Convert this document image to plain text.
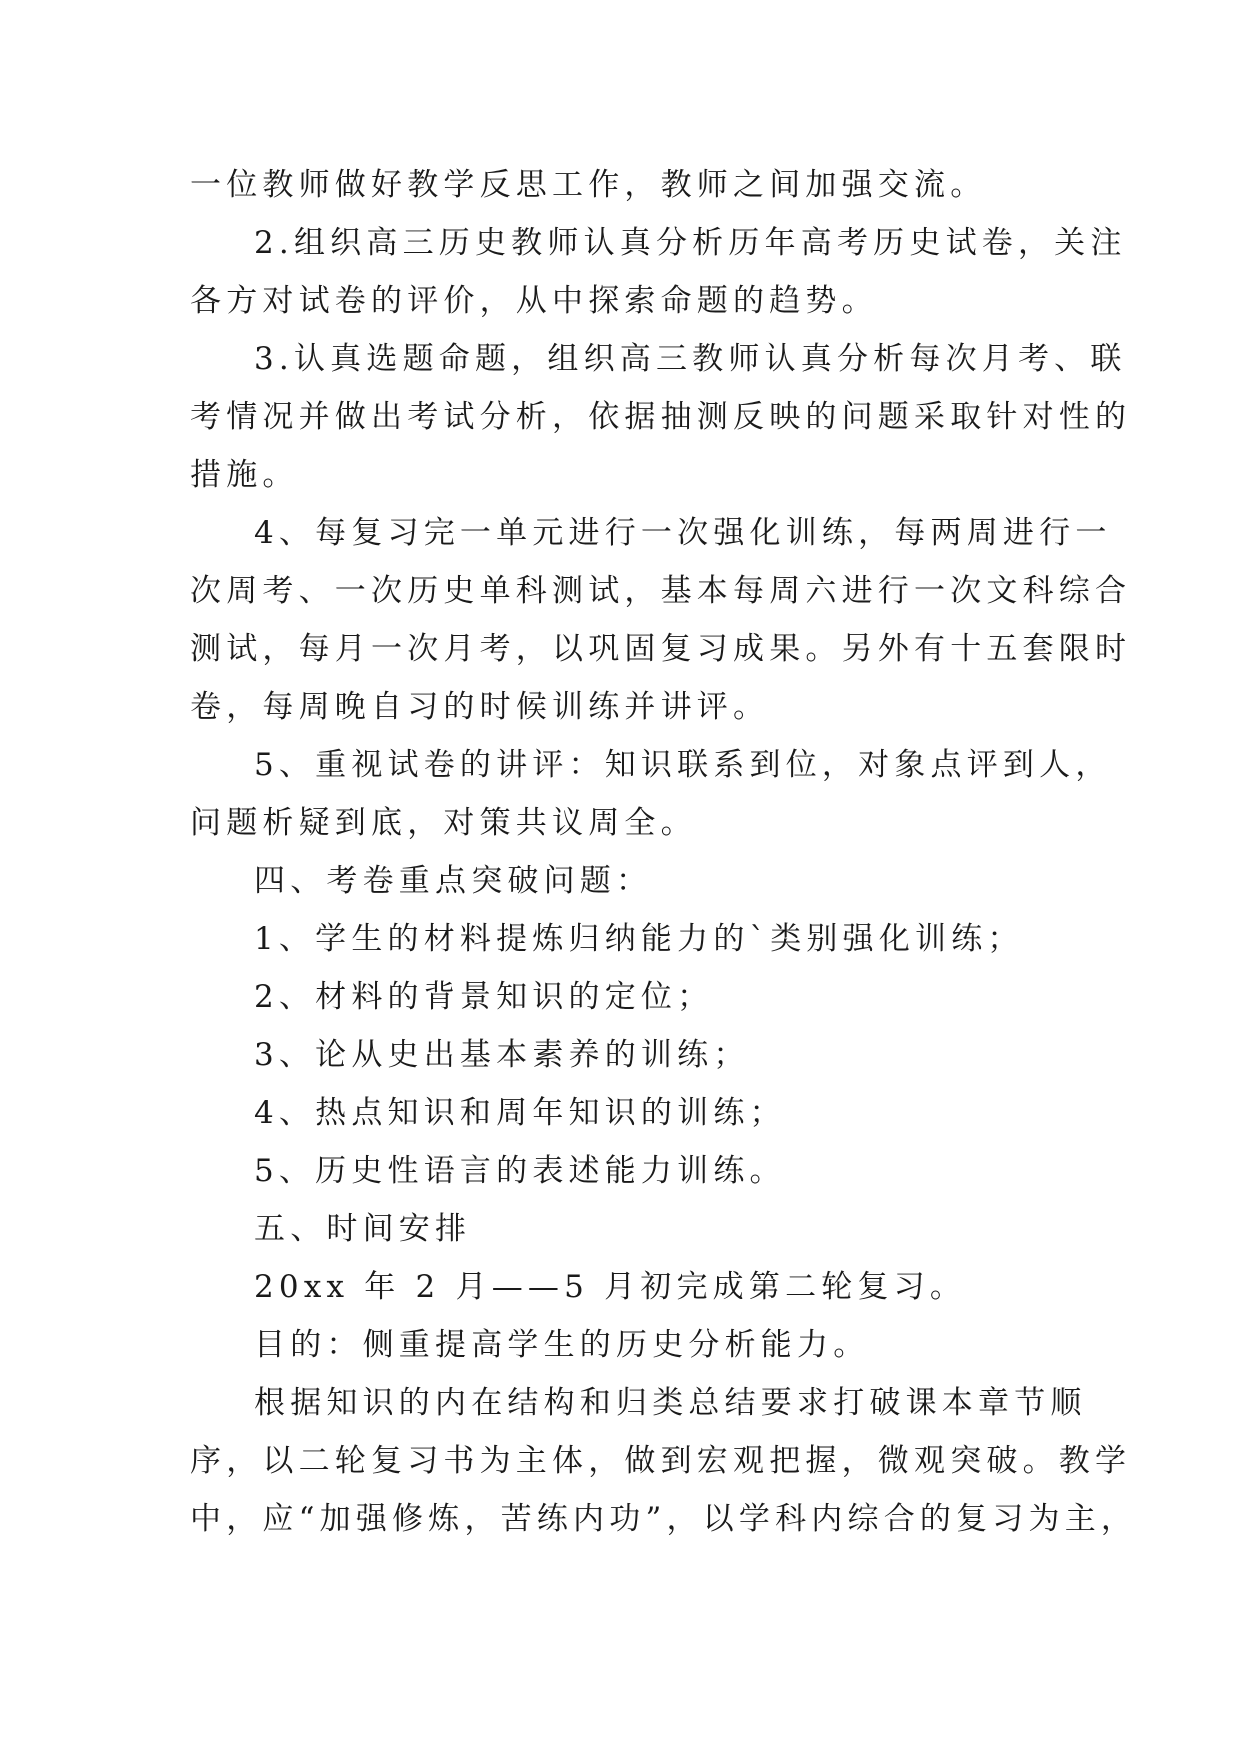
一位教师做好教学反思工作，教师之间加强交流。
2.组织高三历史教师认真分析历年高考历史试卷，关注
各方对试卷的评价，从中探索命题的趋势。
3.认真选题命题，组织高三教师认真分析每次月考、联
考情况并做出考试分析，依据抽测反映的问题采取针对性的
措施。
4、每复习完一单元进行一次强化训练，每两周进行一
次周考、一次历史单科测试，基本每周六进行一次文科综合
测试，每月一次月考，以巩固复习成果。另外有十五套限时
卷，每周晚自习的时候训练并讲评。
5、重视试卷的讲评：知识联系到位，对象点评到人，
问题析疑到底，对策共议周全。
四、考卷重点突破问题：
1、学生的材料提炼归纳能力的`类别强化训练；
2、材料的背景知识的定位；
3、论从史出基本素养的训练；
4、热点知识和周年知识的训练；
5、历史性语言的表述能力训练。
五、时间安排
20xx 年 2 月——5 月初完成第二轮复习。
目的：侧重提高学生的历史分析能力。
根据知识的内在结构和归类总结要求打破课本章节顺
序，以二轮复习书为主体，做到宏观把握，微观突破。教学
中，应“加强修炼，苦练内功”，以学科内综合的复习为主，
